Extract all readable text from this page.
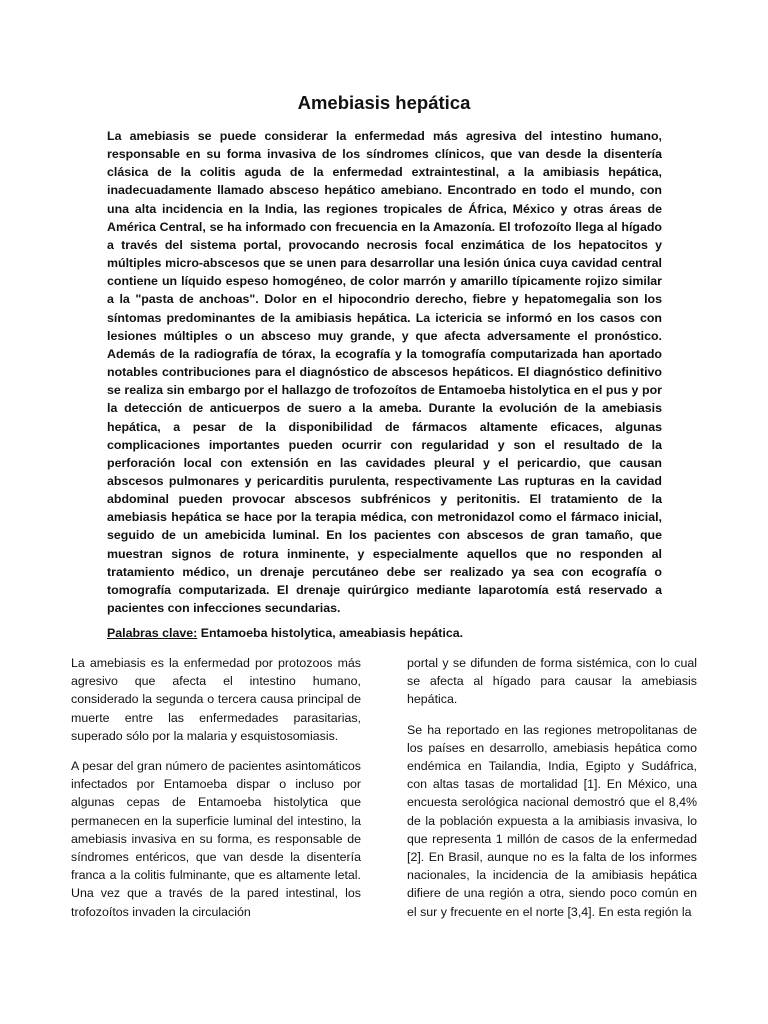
Amebiasis hepática

La amebiasis se puede considerar la enfermedad más agresiva del intestino humano, responsable en su forma invasiva de los síndromes clínicos, que van desde la disentería clásica de la colitis aguda de la enfermedad extraintestinal, a la amibiasis hepática, inadecuadamente llamado absceso hepático amebiano. Encontrado en todo el mundo, con una alta incidencia en la India, las regiones tropicales de África, México y otras áreas de América Central, se ha informado con frecuencia en la Amazonía. El trofozoíto llega al hígado a través del sistema portal, provocando necrosis focal enzimática de los hepatocitos y múltiples micro-abscesos que se unen para desarrollar una lesión única cuya cavidad central contiene un líquido espeso homogéneo, de color marrón y amarillo típicamente rojizo similar a la "pasta de anchoas". Dolor en el hipocondrio derecho, fiebre y hepatomegalia son los síntomas predominantes de la amibiasis hepática. La ictericia se informó en los casos con lesiones múltiples o un absceso muy grande, y que afecta adversamente el pronóstico. Además de la radiografía de tórax, la ecografía y la tomografía computarizada han aportado notables contribuciones para el diagnóstico de abscesos hepáticos. El diagnóstico definitivo se realiza sin embargo por el hallazgo de trofozoítos de Entamoeba histolytica en el pus y por la detección de anticuerpos de suero a la ameba. Durante la evolución de la amebiasis hepática, a pesar de la disponibilidad de fármacos altamente eficaces, algunas complicaciones importantes pueden ocurrir con regularidad y son el resultado de la perforación local con extensión en las cavidades pleural y el pericardio, que causan abscesos pulmonares y pericarditis purulenta, respectivamente Las rupturas en la cavidad abdominal pueden provocar abscesos subfrénicos y peritonitis. El tratamiento de la amebiasis hepática se hace por la terapia médica, con metronidazol como el fármaco inicial, seguido de un amebicida luminal. En los pacientes con abscesos de gran tamaño, que muestran signos de rotura inminente, y especialmente aquellos que no responden al tratamiento médico, un drenaje percutáneo debe ser realizado ya sea con ecografía o tomografía computarizada. El drenaje quirúrgico mediante laparotomía está reservado a pacientes con infecciones secundarias.

Palabras clave: Entamoeba histolytica, ameabiasis hepática.

La amebiasis es la enfermedad por protozoos más agresivo que afecta el intestino humano, considerado la segunda o tercera causa principal de muerte entre las enfermedades parasitarias, superado sólo por la malaria y esquistosomiasis.

A pesar del gran número de pacientes asintomáticos infectados por Entamoeba dispar o incluso por algunas cepas de Entamoeba histolytica que permanecen en la superficie luminal del intestino, la amebiasis invasiva en su forma, es responsable de síndromes entéricos, que van desde la disentería franca a la colitis fulminante, que es altamente letal. Una vez que a través de la pared intestinal, los trofozoítos invaden la circulación

portal y se difunden de forma sistémica, con lo cual se afecta al hígado para causar la amebiasis hepática.

Se ha reportado en las regiones metropolitanas de los países en desarrollo, amebiasis hepática como endémica en Tailandia, India, Egipto y Sudáfrica, con altas tasas de mortalidad [1]. En México, una encuesta serológica nacional demostró que el 8,4% de la población expuesta a la amibiasis invasiva, lo que representa 1 millón de casos de la enfermedad [2]. En Brasil, aunque no es la falta de los informes nacionales, la incidencia de la amibiasis hepática difiere de una región a otra, siendo poco común en el sur y frecuente en el norte [3,4]. En esta región la
